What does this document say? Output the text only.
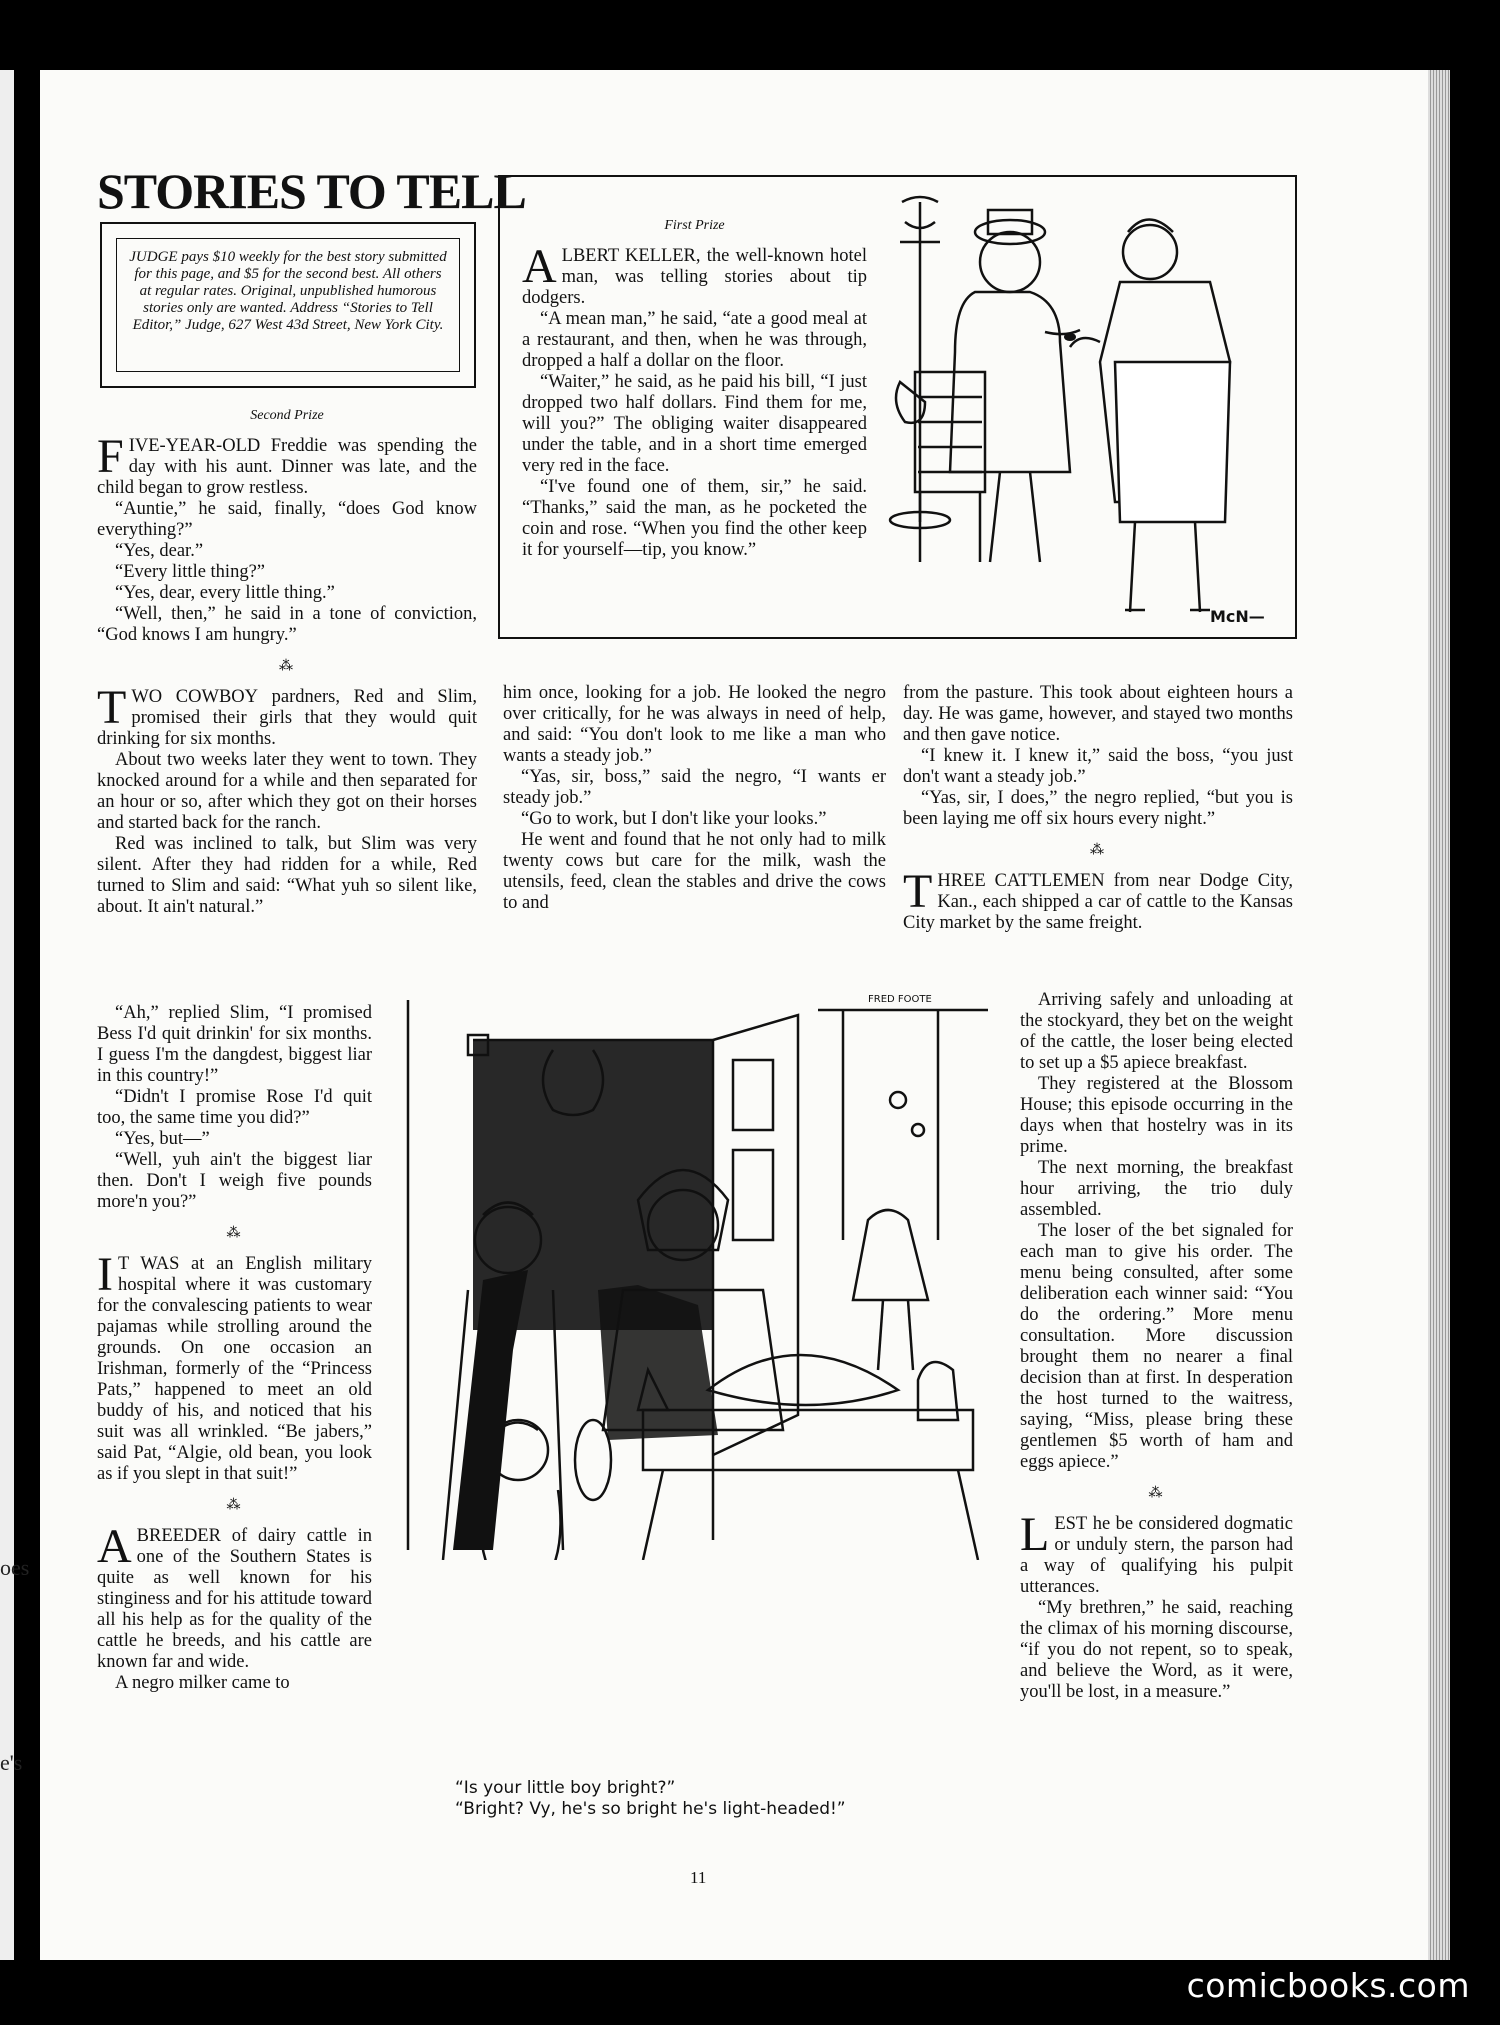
oes
e's
STORIES TO TELL
JUDGE pays $10 weekly for the best story submitted for this page, and $5 for the second best. All others at regular rates. Original, unpublished humorous stories only are wanted. Address “Stories to Tell Editor,” Judge, 627 West 43d Street, New York City.
Second Prize

FIVE-YEAR-OLD Freddie was spending the day with his aunt. Dinner was late, and the child began to grow restless.

“Auntie,” he said, finally, “does God know everything?”

“Yes, dear.”

“Every little thing?”

“Yes, dear, every little thing.”

“Well, then,” he said in a tone of conviction, “God knows I am hungry.”

⁂

TWO COWBOY pardners, Red and Slim, promised their girls that they would quit drinking for six months.

About two weeks later they went to town. They knocked around for a while and then separated for an hour or so, after which they got on their horses and started back for the ranch.

Red was inclined to talk, but Slim was very silent. After they had ridden for a while, Red turned to Slim and said: “What yuh so silent like, about. It ain't natural.”

“Ah,” replied Slim, “I promised Bess I'd quit drinkin' for six months. I guess I'm the dangdest, biggest liar in this country!”

“Didn't I promise Rose I'd quit too, the same time you did?”

“Yes, but—”

“Well, yuh ain't the biggest liar then. Don't I weigh five pounds more'n you?”

⁂

I T WAS at an English military hospital where it was customary for the convalescing patients to wear pajamas while strolling around the grounds. On one occasion an Irishman, formerly of the “Princess Pats,” happened to meet an old buddy of his, and noticed that his suit was all wrinkled. “Be jabers,” said Pat, “Algie, old bean, you look as if you slept in that suit!”

⁂

A BREEDER of dairy cattle in one of the Southern States is quite as well known for his stinginess and for his attitude toward all his help as for the quality of the cattle he breeds, and his cattle are known far and wide.

A negro milker came to

First Prize

ALBERT KELLER, the well-known hotel man, was telling stories about tip dodgers.

“A mean man,” he said, “ate a good meal at a restaurant, and then, when he was through, dropped a half a dollar on the floor.

“Waiter,” he said, as he paid his bill, “I just dropped two half dollars. Find them for me, will you?” The obliging waiter disappeared under the table, and in a short time emerged very red in the face.

“I've found one of them, sir,” he said. “Thanks,” said the man, as he pocketed the coin and rose. “When you find the other keep it for yourself—tip, you know.”

McN—

him once, looking for a job. He looked the negro over critically, for he was always in need of help, and said: “You don't look to me like a man who wants a steady job.”

“Yas, sir, boss,” said the negro, “I wants er steady job.”

“Go to work, but I don't like your looks.”

He went and found that he not only had to milk twenty cows but care for the milk, wash the utensils, feed, clean the stables and drive the cows to and

from the pasture. This took about eighteen hours a day. He was game, however, and stayed two months and then gave notice.

“I knew it. I knew it,” said the boss, “you just don't want a steady job.”

“Yas, sir, I does,” the negro replied, “but you is been laying me off six hours every night.”

⁂

THREE CATTLEMEN from near Dodge City, Kan., each shipped a car of cattle to the Kansas City market by the same freight.

Arriving safely and unloading at the stockyard, they bet on the weight of the cattle, the loser being elected to set up a $5 apiece breakfast.

They registered at the Blossom House; this episode occurring in the days when that hostelry was in its prime.

The next morning, the breakfast hour arriving, the trio duly assembled.

The loser of the bet signaled for each man to give his order. The menu being consulted, after some deliberation each winner said: “You do the ordering.” More menu consultation. More discussion brought them no nearer a final decision than at first. In desperation the host turned to the waitress, saying, “Miss, please bring these gentlemen $5 worth of ham and eggs apiece.”

⁂

LEST he be considered dogmatic or unduly stern, the parson had a way of qualifying his pulpit utterances.

“My brethren,” he said, reaching the climax of his morning discourse, “if you do not repent, so to speak, and believe the Word, as it were, you'll be lost, in a measure.”

FRED FOOTE
“Is your little boy bright?”
“Bright? Vy, he's so bright he's light-headed!”
11
comicbooks.com
